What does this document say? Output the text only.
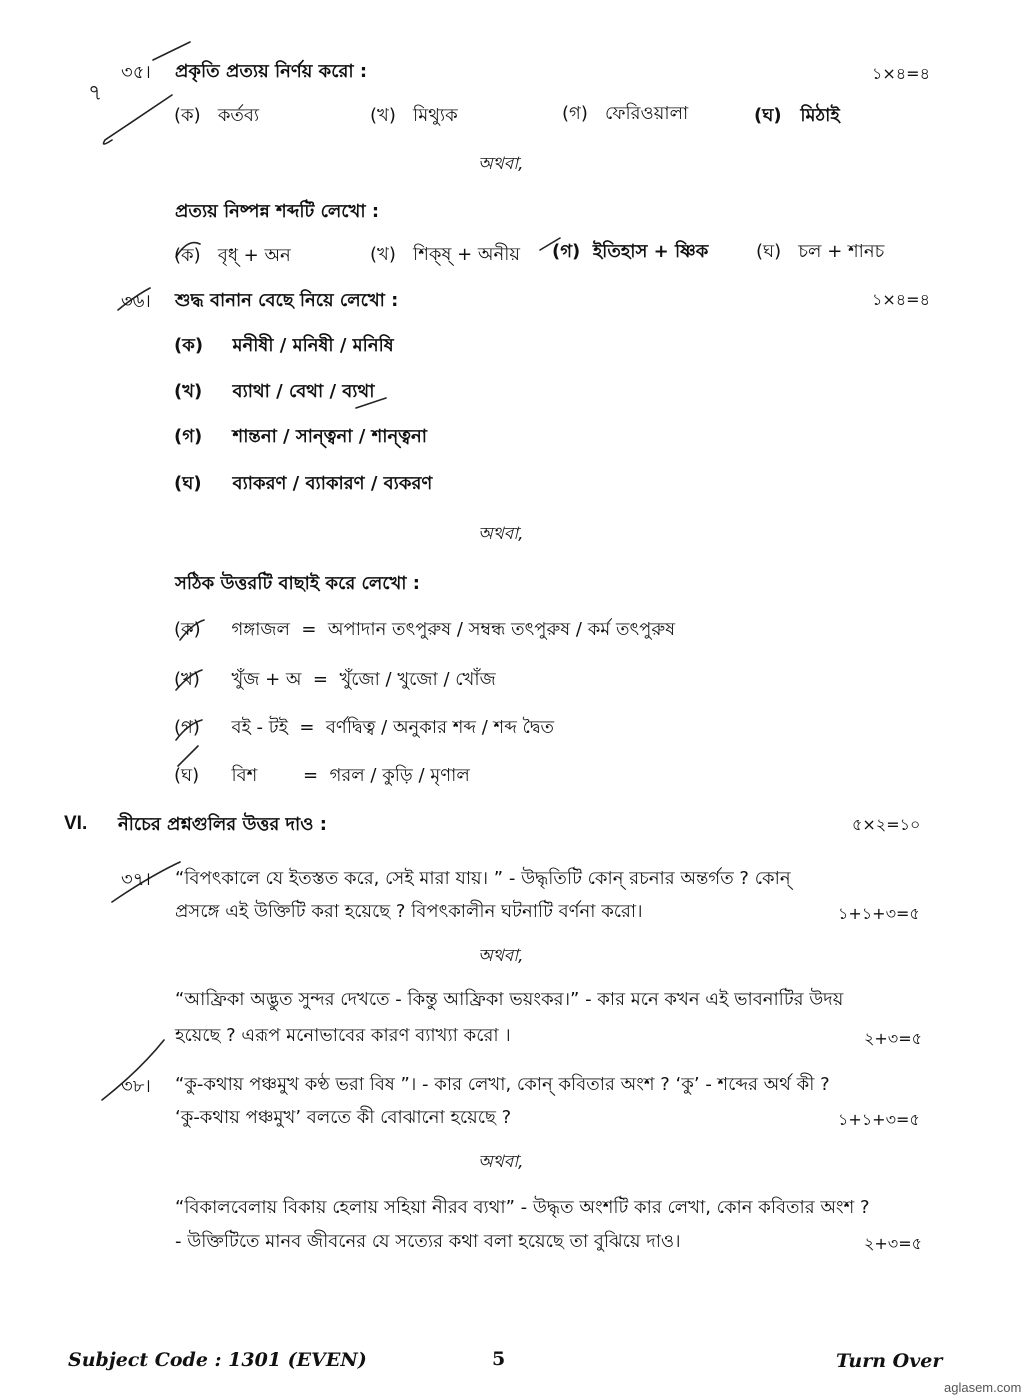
৭
৩৫। প্রকৃতি প্রত্যয় নির্ণয় করো :	১×৪=৪
(ক) কর্তব্য	(খ) মিথ্যুক	(গ) ফেরিওয়ালা	(ঘ) মিঠাই
অথবা,
প্রত্যয় নিষ্পন্ন শব্দটি লেখো :
(ক) বৃধ্ + অন	(খ) শিক্ষ্ + অনীয় (গ) ইতিহাস + ষ্ণিক	(ঘ) চল + শানচ
৩৬। শুদ্ধ বানান বেছে নিয়ে লেখো :	১×৪=৪
(ক) মনীষী / মনিষী / মনিষি
(খ) ব্যাথা / বেথা / ব্যথা
(গ) শান্তনা / সান্ত্বনা / শান্ত্বনা
(ঘ) ব্যাকরণ / ব্যাকারণ / ব্যকরণ
অথবা,
সঠিক উত্তরটি বাছাই করে লেখো :
(ক) গঙ্গাজল  =  অপাদান তৎপুরুষ / সম্বন্ধ তৎপুরুষ / কর্ম তৎপুরুষ
(খ) খুঁজ + অ  =  খুঁজো / খুজো / খোঁজ
(গ) বই - টই  =  বর্ণদ্বিত্ব / অনুকার শব্দ / শব্দ দ্বৈত
(ঘ) বিশ        =  গরল / কুড়ি / মৃণাল
VI. নীচের প্রশ্নগুলির উত্তর দাও :	৫×২=১০
৩৭। “বিপৎকালে যে ইতস্তত করে, সেই মারা যায়। ” - উদ্ধৃতিটি কোন্ রচনার অন্তর্গত ? কোন্
প্রসঙ্গে এই উক্তিটি করা হয়েছে ? বিপৎকালীন ঘটনাটি বর্ণনা করো।	১+১+৩=৫
অথবা,
“আফ্রিকা অদ্ভুত সুন্দর দেখতে - কিন্তু আফ্রিকা ভয়ংকর।” - কার মনে কখন এই ভাবনাটির উদয়
হয়েছে ? এরূপ মনোভাবের কারণ ব্যাখ্যা করো ।	২+৩=৫
৩৮। “কু-কথায় পঞ্চমুখ কণ্ঠ ভরা বিষ ”। - কার লেখা, কোন্ কবিতার অংশ ? ‘কু’ - শব্দের অর্থ কী ?
‘কু-কথায় পঞ্চমুখ’ বলতে কী বোঝানো হয়েছে ?	১+১+৩=৫
অথবা,
“বিকালবেলায় বিকায় হেলায় সহিয়া নীরব ব্যথা” - উদ্ধৃত অংশটি কার লেখা, কোন কবিতার অংশ ?
- উক্তিটিতে মানব জীবনের যে সত্যের কথা বলা হয়েছে তা বুঝিয়ে দাও।	২+৩=৫
Subject Code : 1301 (EVEN)	5	Turn Over
aglasem.com
